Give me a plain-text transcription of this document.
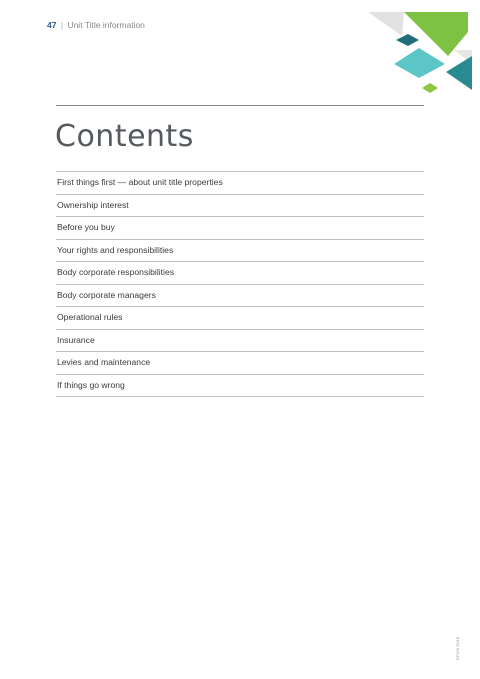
47 | Unit Title information
Contents
First things first — about unit title properties
Ownership interest
Before you buy
Your rights and responsibilities
Body corporate responsibilities
Body corporate managers
Operational rules
Insurance
Levies and maintenance
If things go wrong
BP100 26/18
